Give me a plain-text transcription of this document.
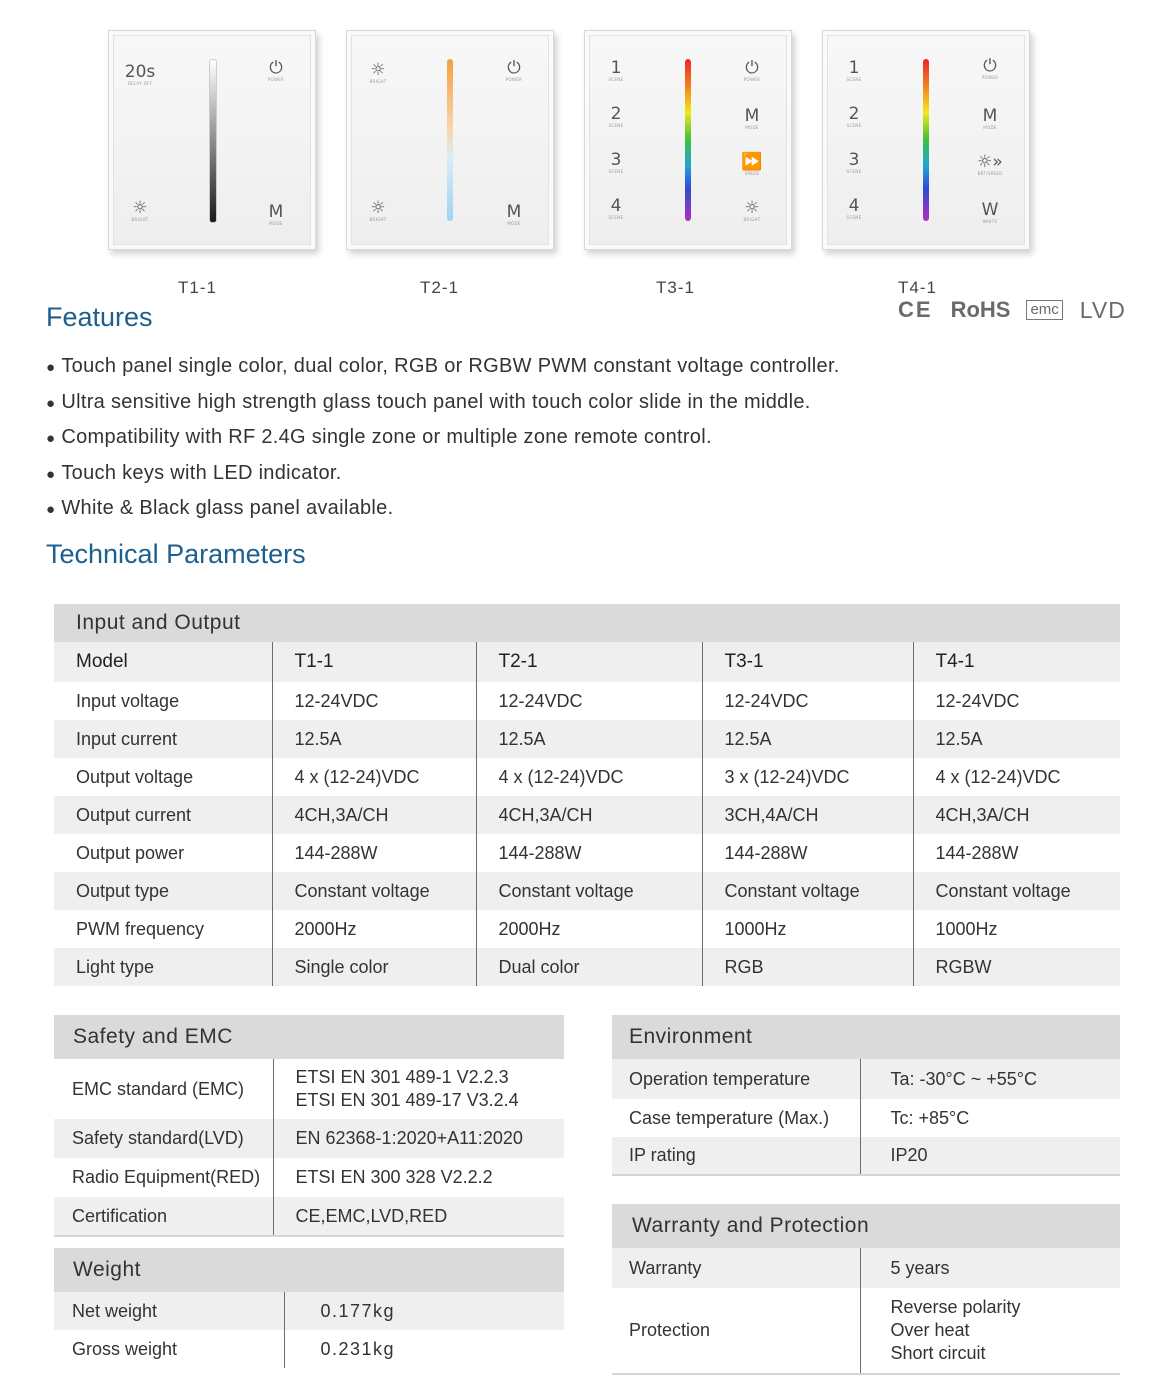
20s
DELAY OFF
⏻
POWER
☼
BRIGHT	M
MODE
T1-1
☼
BRIGHT
⏻
POWER
☼
BRIGHT	M
MODE
T2-1
1
SCENE
⏻
POWER
2
SCENE	M
MODE
3
SCENE	⏩
SPEED
4
SCENE	☼
BRIGHT
T3-1
1
SCENE
⏻
POWER
2
SCENE	M
MODE
3
SCENE	☼»
BRT/SPEED
4
SCENE	W
WHITE
T4-1
CE RoHS emc LVD
Features
● Touch panel single color, dual color, RGB or RGBW PWM constant voltage controller.
● Ultra sensitive high strength glass touch panel with touch color slide in the middle.
● Compatibility with RF 2.4G single zone or multiple zone remote control.
● Touch keys with LED indicator.
● White & Black glass panel available.
Technical Parameters
Input and Output				
Model	T1-1	T2-1	T3-1	T4-1
Input voltage	12-24VDC	12-24VDC	12-24VDC	12-24VDC
Input current	12.5A	12.5A	12.5A	12.5A
Output voltage	4 x (12-24)VDC	4 x (12-24)VDC	3 x (12-24)VDC	4 x (12-24)VDC
Output current	4CH,3A/CH	4CH,3A/CH	3CH,4A/CH	4CH,3A/CH
Output power	144-288W	144-288W	144-288W	144-288W
Output type	Constant voltage	Constant voltage	Constant voltage	Constant voltage
PWM frequency	2000Hz	2000Hz	1000Hz	1000Hz
Light type	Single color	Dual color	RGB	RGBW
Safety and EMC	
EMC standard (EMC)	ETSI EN 301 489-1 V2.2.3
ETSI EN 301 489-17 V3.2.4

Safety standard(LVD)	EN 62368-1:2020+A11:2020
Radio Equipment(RED)	ETSI EN 300 328 V2.2.2
Certification	CE,EMC,LVD,RED
Weight	
Net weight	0.177kg
Gross weight	0.231kg
Environment	
Operation temperature	Ta: -30°C ~ +55°C
Case temperature (Max.)	Tc: +85°C
IP rating	IP20
Warranty and Protection	
Warranty	5 years
Protection	Reverse polarity
Over heat
Short circuit
